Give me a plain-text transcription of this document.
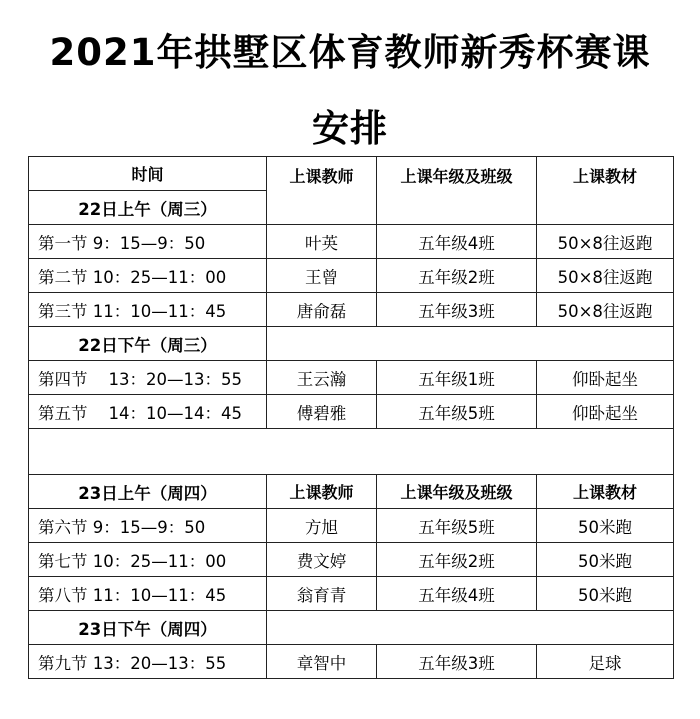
2021年拱墅区体育教师新秀杯赛课
安排
时间	上课教师	上课年级及班级	上课教材
22日上午（周三）			
第一节 9：15—9：50	叶英	五年级4班	50×8往返跑
第二节 10：25—11：00	王曾	五年级2班	50×8往返跑
第三节 11：10—11：45	唐俞磊	五年级3班	50×8往返跑
22日下午（周三）			
第四节    13：20—13：55	王云瀚	五年级1班	仰卧起坐
第五节    14：10—14：45	傅碧雅	五年级5班	仰卧起坐

23日上午（周四）	上课教师	上课年级及班级	上课教材
第六节 9：15—9：50	方旭	五年级5班	50米跑
第七节 10：25—11：00	费文婷	五年级2班	50米跑
第八节 11：10—11：45	翁育青	五年级4班	50米跑
23日下午（周四）			
第九节 13：20—13：55	章智中	五年级3班	足球
